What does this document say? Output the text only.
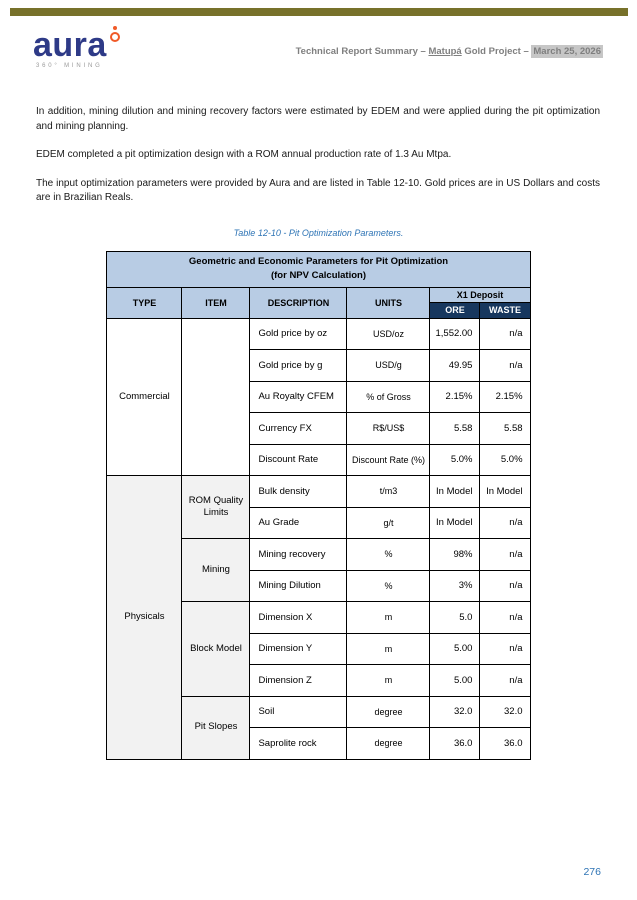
aura
360° MINING
Technical Report Summary – Matupá Gold Project – March 25, 2026

In addition, mining dilution and mining recovery factors were estimated by EDEM and were applied during the pit optimization and mining planning.

EDEM completed a pit optimization design with a ROM annual production rate of 1.3 Au Mtpa.

The input optimization parameters were provided by Aura and are listed in Table 12-10. Gold prices are in US Dollars and costs are in Brazilian Reals.

Table 12-10 - Pit Optimization Parameters.
Geometric and Economic Parameters for Pit Optimization
(for NPV Calculation)					

TYPE	ITEM	DESCRIPTION	UNITS	X1 Deposit	
				ORE	WASTE
Commercial		Gold price by oz	USD/oz	1,552.00	n/a
		Gold price by g	USD/g	49.95	n/a
		Au Royalty CFEM	% of Gross	2.15%	2.15%
		Currency FX	R$/US$	5.58	5.58
		Discount Rate	Discount Rate (%)	5.0%	5.0%
Physicals	ROM Quality Limits	Bulk density	t/m3	In Model	In Model
		Au Grade	g/t	In Model	n/a
	Mining	Mining recovery	%	98%	n/a
		Mining Dilution	%	3%	n/a
	Block Model	Dimension X	m	5.0	n/a
		Dimension Y	m	5.00	n/a
		Dimension Z	m	5.00	n/a
	Pit Slopes	Soil	degree	32.0	32.0
		Saprolite rock	degree	36.0	36.0
276
